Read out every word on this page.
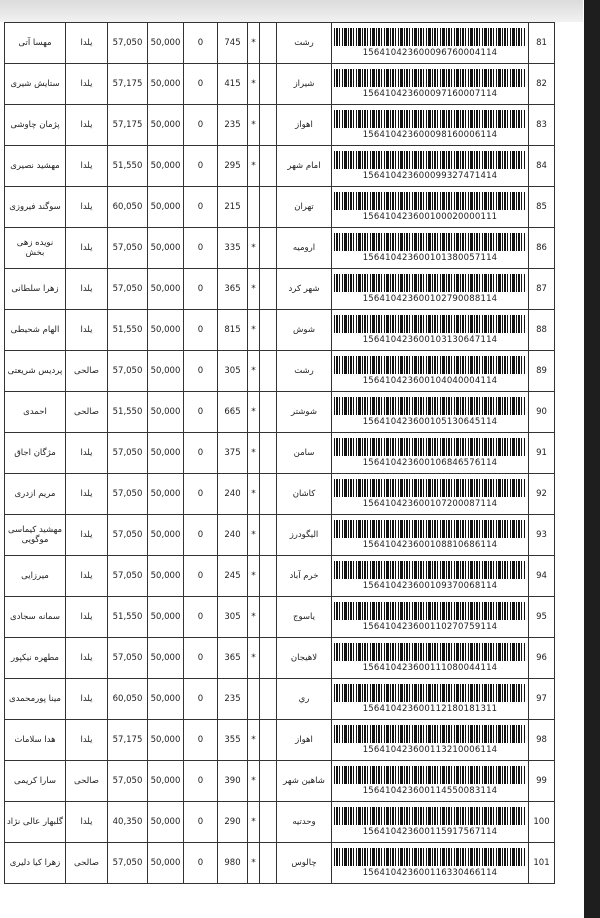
مهسا آتی	یلدا	57,050	50,000	0	745	*		رشت	156410423600096760004114	81
ستایش شیری	یلدا	57,175	50,000	0	415	*		شیراز	156410423600097160007114	82
پژمان چاوشی	یلدا	57,175	50,000	0	235	*		اهواز	156410423600098160006114	83
مهشید نصیری	یلدا	51,550	50,000	0	295	*		امام شهر	156410423600099327471414	84
سوگند فیروزی	یلدا	60,050	50,000	0	215			تهران	156410423600100020000111	85
نویده زهی بخش	یلدا	57,050	50,000	0	335	*		ارومیه	156410423600101380057114	86
زهرا سلطانی	یلدا	57,050	50,000	0	365	*		شهر کرد	156410423600102790088114	87
الهام شحیطی	یلدا	51,550	50,000	0	815	*		شوش	156410423600103130647114	88
پردیس شریعتی	صالحی	57,050	50,000	0	305	*		رشت	156410423600104040004114	89
احمدی	صالحی	51,550	50,000	0	665	*		شوشتر	156410423600105130645114	90
مژگان اجاق	یلدا	57,050	50,000	0	375	*		سامن	156410423600106846576114	91
مریم ازدری	یلدا	57,050	50,000	0	240	*		کاشان	156410423600107200087114	92
مهشید کیماسی موگویی	یلدا	57,050	50,000	0	240	*		الیگودرز	156410423600108810686114	93
میرزایی	یلدا	57,050	50,000	0	245	*		خرم آباد	156410423600109370068114	94
سمانه سجادی	یلدا	51,550	50,000	0	305	*		یاسوج	156410423600110270759114	95
مطهره نیکپور	یلدا	57,050	50,000	0	365	*		لاهیجان	156410423600111080044114	96
مینا پورمحمدی	یلدا	60,050	50,000	0	235			ري	156410423600112180181311	97
هدا سلامات	یلدا	57,175	50,000	0	355	*		اهواز	156410423600113210006114	98
سارا کریمی	صالحی	57,050	50,000	0	390	*		شاهین شهر	156410423600114550083114	99
گلبهار عالی نژاد	یلدا	40,350	50,000	0	290	*		وحدتیه	156410423600115917567114	100
زهرا کیا دلیری	صالحی	57,050	50,000	0	980	*		چالوس	156410423600116330466114	101
